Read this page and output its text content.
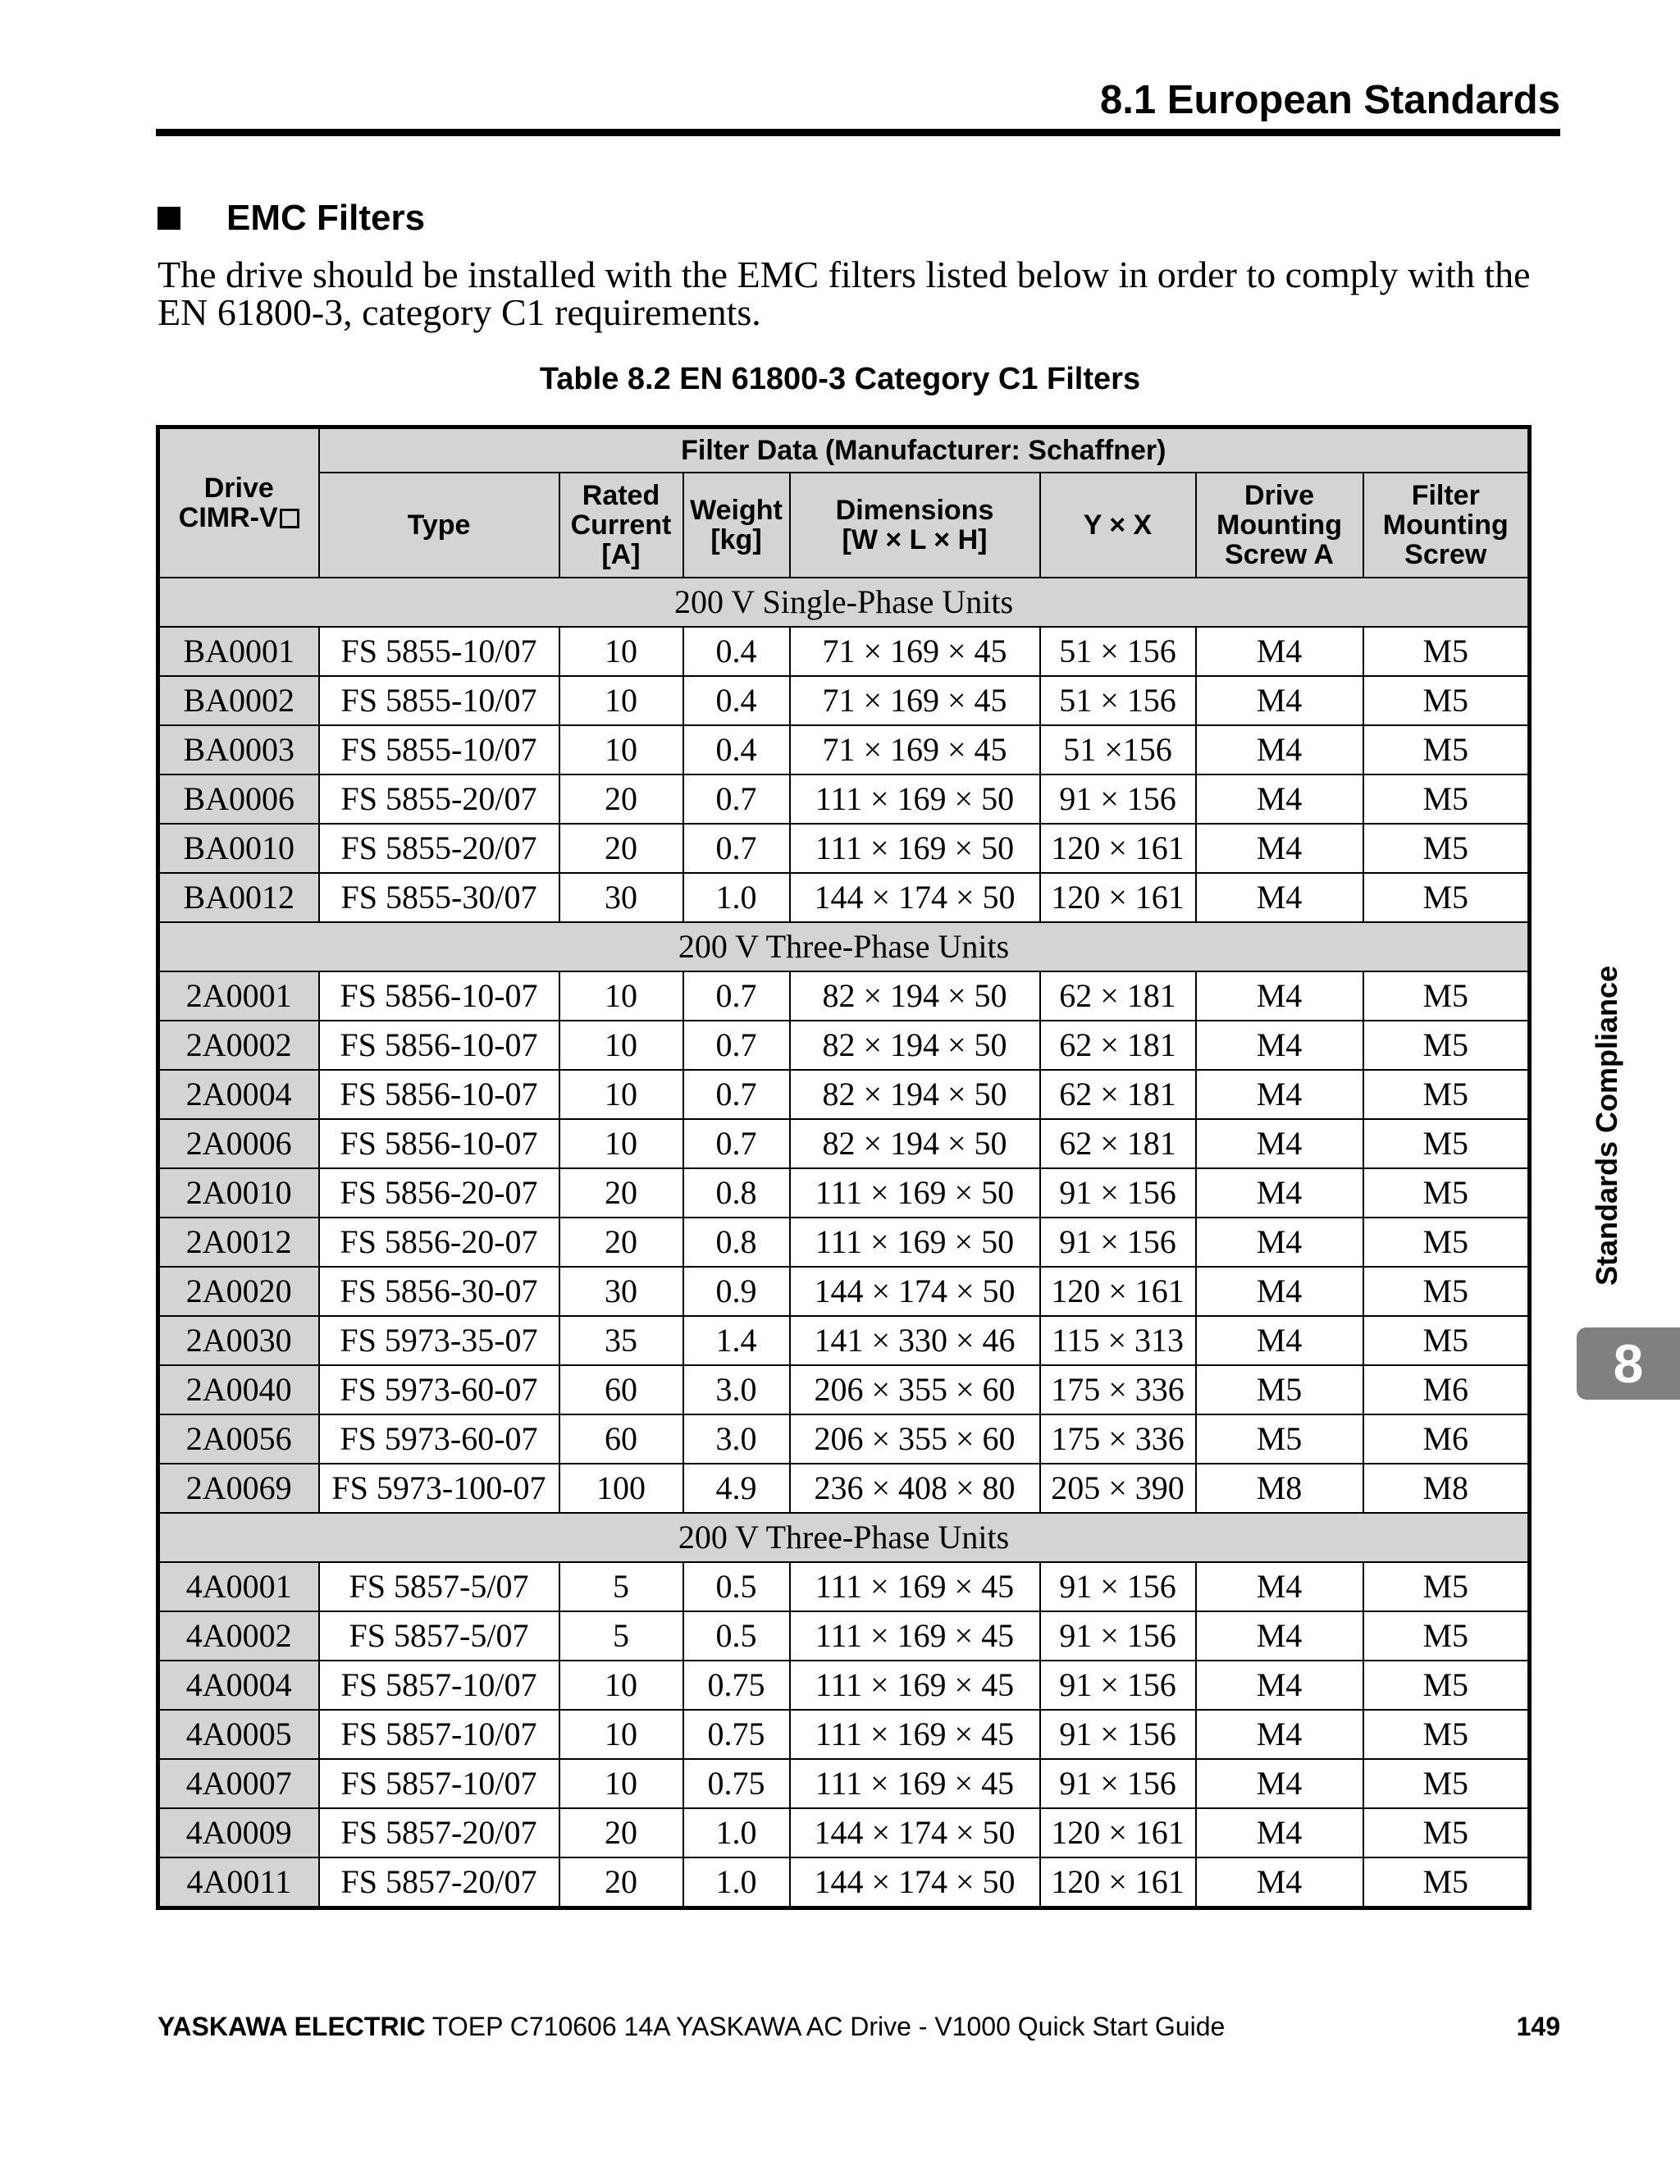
8.1 European Standards
EMC Filters
The drive should be installed with the EMC filters listed below in order to comply with the EN 61800-3, category C1 requirements.
Table 8.2 EN 61800-3 Category C1 Filters
Drive
CIMR-V	Filter Data (Manufacturer: Schaffner)						
	Type	Rated
Current
[A]	Weight
[kg]	Dimensions
[W × L × H]	Y × X	Drive
Mounting
Screw A	Filter
Mounting
Screw
200 V Single-Phase Units							
BA0001	FS 5855-10/07	10	0.4	71 × 169 × 45	51 × 156	M4	M5
BA0002	FS 5855-10/07	10	0.4	71 × 169 × 45	51 × 156	M4	M5
BA0003	FS 5855-10/07	10	0.4	71 × 169 × 45	51 ×156	M4	M5
BA0006	FS 5855-20/07	20	0.7	111 × 169 × 50	91 × 156	M4	M5
BA0010	FS 5855-20/07	20	0.7	111 × 169 × 50	120 × 161	M4	M5
BA0012	FS 5855-30/07	30	1.0	144 × 174 × 50	120 × 161	M4	M5
200 V Three-Phase Units							
2A0001	FS 5856-10-07	10	0.7	82 × 194 × 50	62 × 181	M4	M5
2A0002	FS 5856-10-07	10	0.7	82 × 194 × 50	62 × 181	M4	M5
2A0004	FS 5856-10-07	10	0.7	82 × 194 × 50	62 × 181	M4	M5
2A0006	FS 5856-10-07	10	0.7	82 × 194 × 50	62 × 181	M4	M5
2A0010	FS 5856-20-07	20	0.8	111 × 169 × 50	91 × 156	M4	M5
2A0012	FS 5856-20-07	20	0.8	111 × 169 × 50	91 × 156	M4	M5
2A0020	FS 5856-30-07	30	0.9	144 × 174 × 50	120 × 161	M4	M5
2A0030	FS 5973-35-07	35	1.4	141 × 330 × 46	115 × 313	M4	M5
2A0040	FS 5973-60-07	60	3.0	206 × 355 × 60	175 × 336	M5	M6
2A0056	FS 5973-60-07	60	3.0	206 × 355 × 60	175 × 336	M5	M6
2A0069	FS 5973-100-07	100	4.9	236 × 408 × 80	205 × 390	M8	M8
200 V Three-Phase Units							
4A0001	FS 5857-5/07	5	0.5	111 × 169 × 45	91 × 156	M4	M5
4A0002	FS 5857-5/07	5	0.5	111 × 169 × 45	91 × 156	M4	M5
4A0004	FS 5857-10/07	10	0.75	111 × 169 × 45	91 × 156	M4	M5
4A0005	FS 5857-10/07	10	0.75	111 × 169 × 45	91 × 156	M4	M5
4A0007	FS 5857-10/07	10	0.75	111 × 169 × 45	91 × 156	M4	M5
4A0009	FS 5857-20/07	20	1.0	144 × 174 × 50	120 × 161	M4	M5
4A0011	FS 5857-20/07	20	1.0	144 × 174 × 50	120 × 161	M4	M5
Standards Compliance
8
YASKAWA ELECTRIC TOEP C710606 14A YASKAWA AC Drive - V1000 Quick Start Guide	149
